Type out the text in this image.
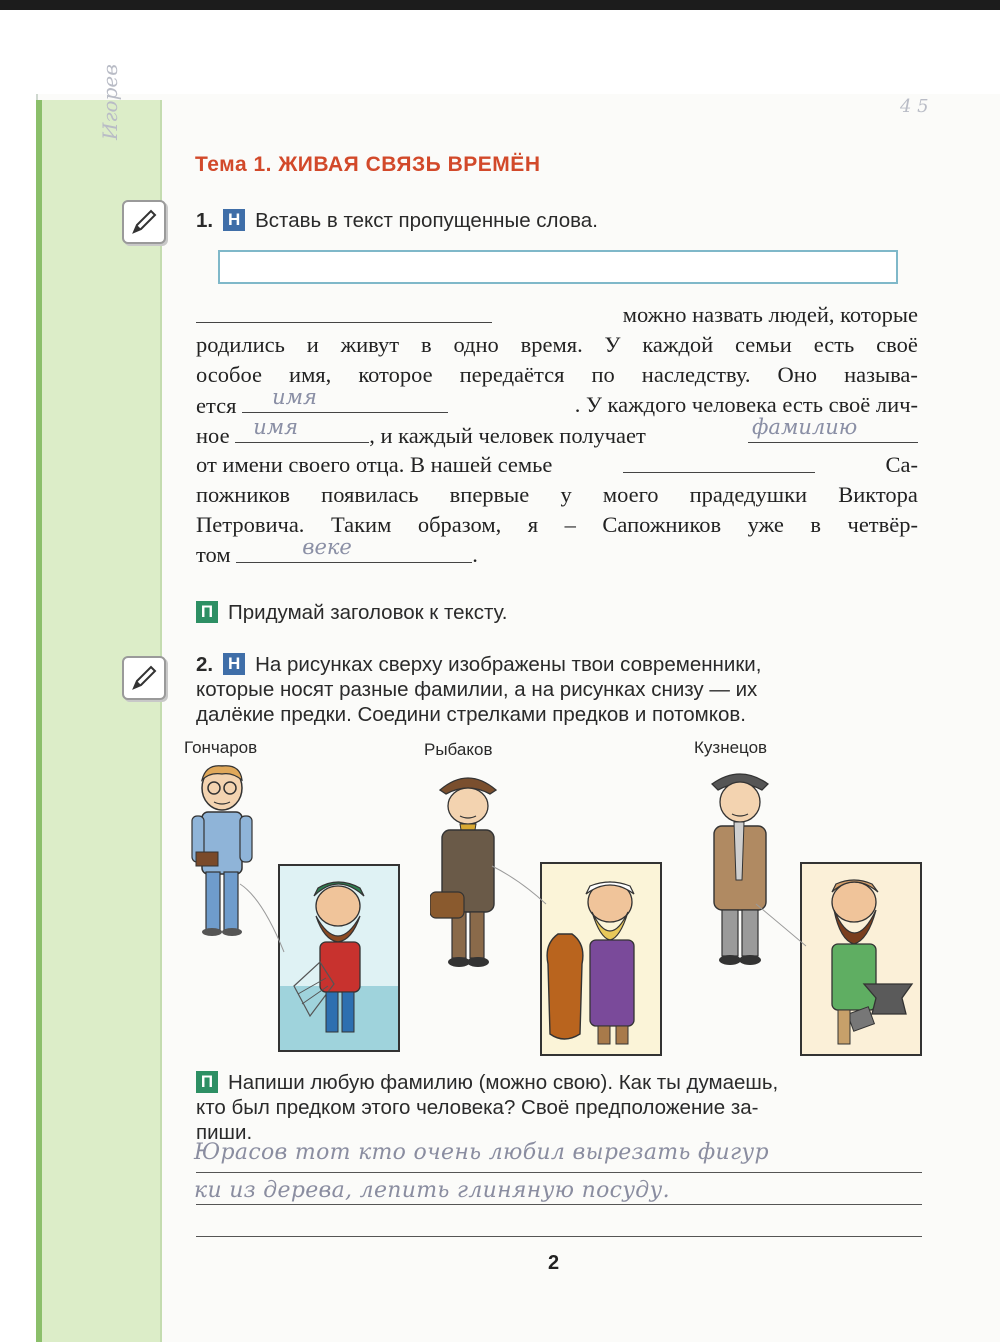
Игорев	4 5
Тема 1. ЖИВАЯ СВЯЗЬ ВРЕМЁН
1. Н Вставь в текст пропущенные слова.
можно назвать людей, которые
родились и живут в одно время. У каждой семьи есть своё
особое имя, которое передаётся по наследству. Оно называ-
ется имя	. У каждого человека есть своё лич-
ное имя	, и каждый человек получает	фамилию
от имени своего отца. В нашей семье	Са-
пожников появилась впервые у моего прадедушки Виктора
Петровича. Таким образом, я – Сапожников уже в четвёр-
том
	веке	.
П Придумай заголовок к тексту.
2. Н На рисунках сверху изображены твои современники,
которые носят разные фамилии, а на рисунках снизу — их
далёкие предки. Соедини стрелками предков и потомков.
Гончаров	Рыбаков	Кузнецов
П Напиши любую фамилию (можно свою). Как ты думаешь,
кто был предком этого человека? Своё предположение за-
пиши.
Юрасов тот кто очень любил вырезать фигур
ки из дерева, лепить глиняную посуду.
2
